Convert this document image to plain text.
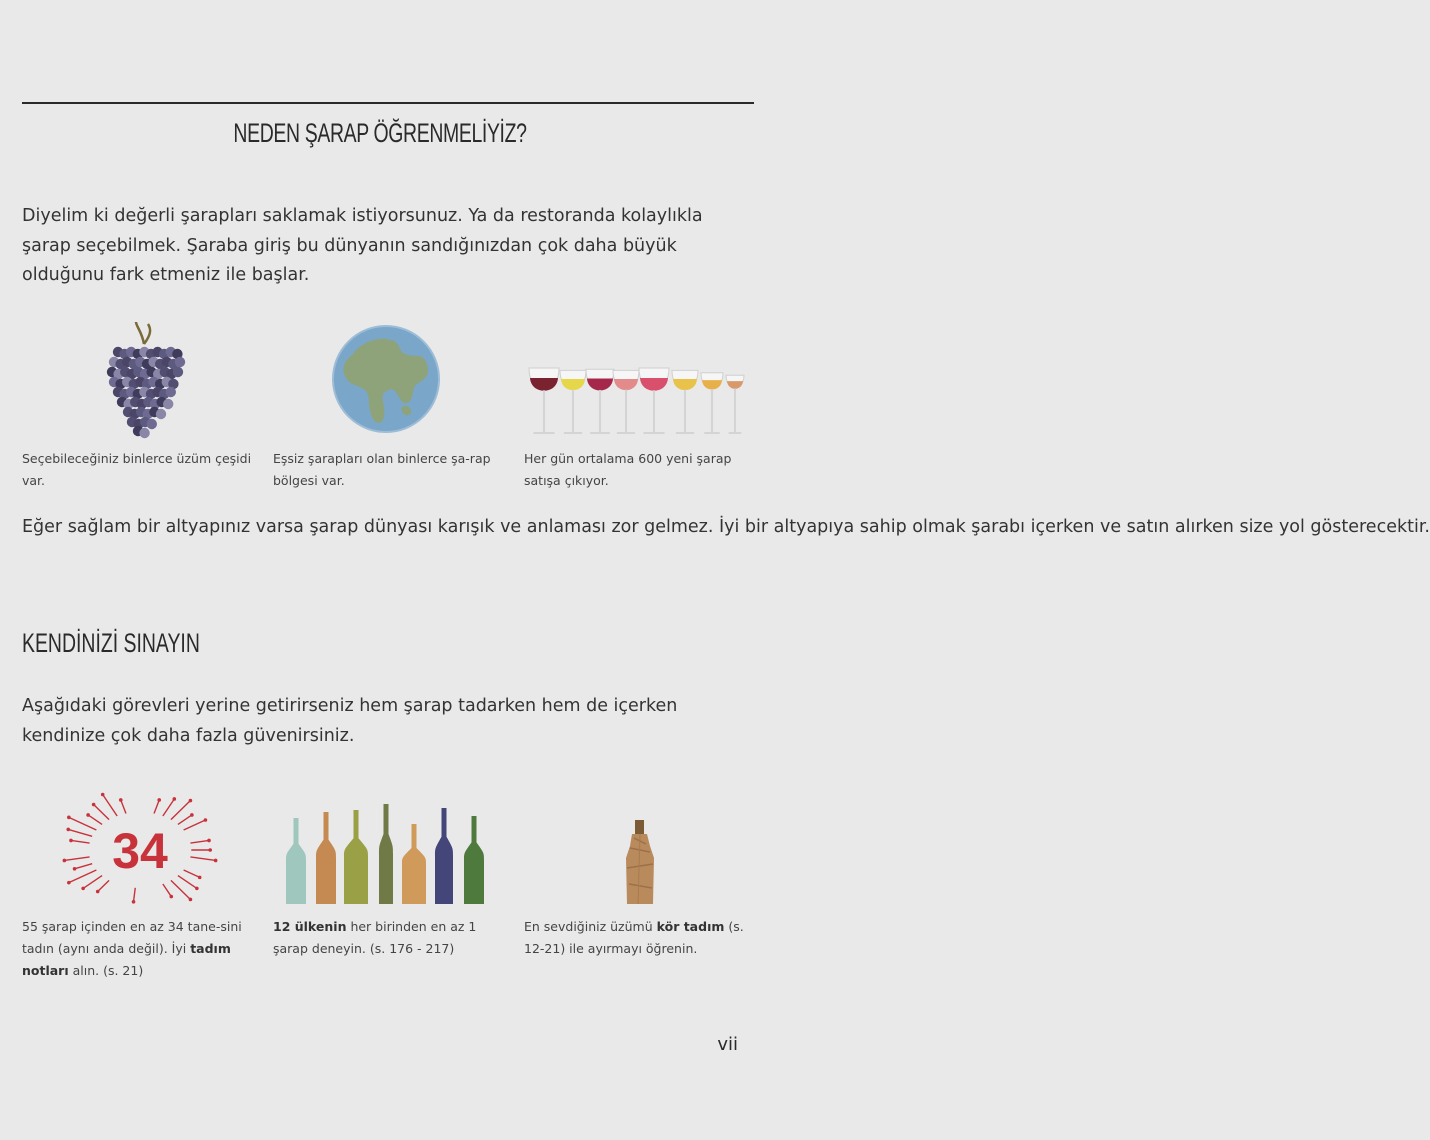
NEDEN ŞARAP ÖĞRENMELİYİZ?
Diyelim ki değerli şarapları saklamak istiyorsunuz. Ya da restoranda kolaylıkla şarap seçebilmek. Şaraba giriş bu dünyanın sandığınızdan çok daha büyük olduğunu fark etmeniz ile başlar.
Seçebileceğiniz binlerce üzüm çeşidi var.
Eşsiz şarapları olan binlerce şa-rap bölgesi var.
Her gün ortalama 600 yeni şarap satışa çıkıyor.
Eğer sağlam bir altyapınız varsa şarap dünyası karışık ve anlaması zor gelmez. İyi bir altyapıya sahip olmak şarabı içerken ve satın alırken size yol gösterecektir.
KENDİNİZİ SINAYIN
Aşağıdaki görevleri yerine getirirseniz hem şarap tadarken hem de içerken kendinize çok daha fazla güvenirsiniz.
34
55 şarap içinden en az 34 tane-sini tadın (aynı anda değil). İyi tadım notları alın. (s. 21)
12 ülkenin her birinden en az 1 şarap deneyin. (s. 176 - 217)
En sevdiğiniz üzümü kör tadım (s. 12-21) ile ayırmayı öğrenin.
vii
